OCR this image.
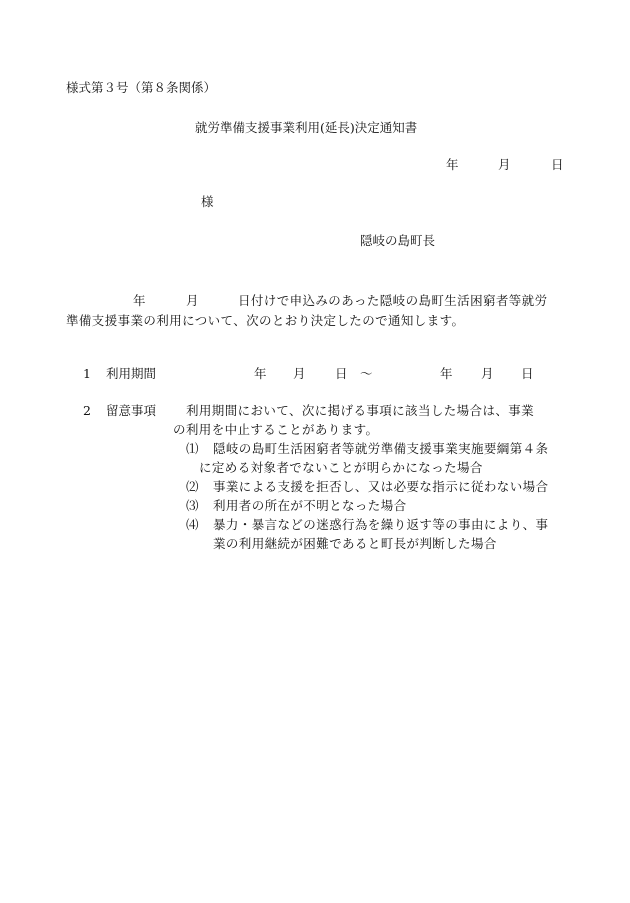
様式第３号（第８条関係）
就労準備支援事業利用(延長)決定通知書
年	月	日
様
隠岐の島町長
年	月	日付けで申込みのあった隠岐の島町生活困窮者等就労
準備支援事業の利用について、次のとおり決定したので通知します。
1 利用期間	年 月 日 ～	年 月 日
2 留意事項 利用期間において、次に掲げる事項に該当した場合は、事業
の利用を中止することがあります。
⑴ 隠岐の島町生活困窮者等就労準備支援事業実施要綱第４条
に定める対象者でないことが明らかになった場合
⑵ 事業による支援を拒否し、又は必要な指示に従わない場合
⑶ 利用者の所在が不明となった場合
⑷ 暴力・暴言などの迷惑行為を繰り返す等の事由により、事
業の利用継続が困難であると町長が判断した場合
